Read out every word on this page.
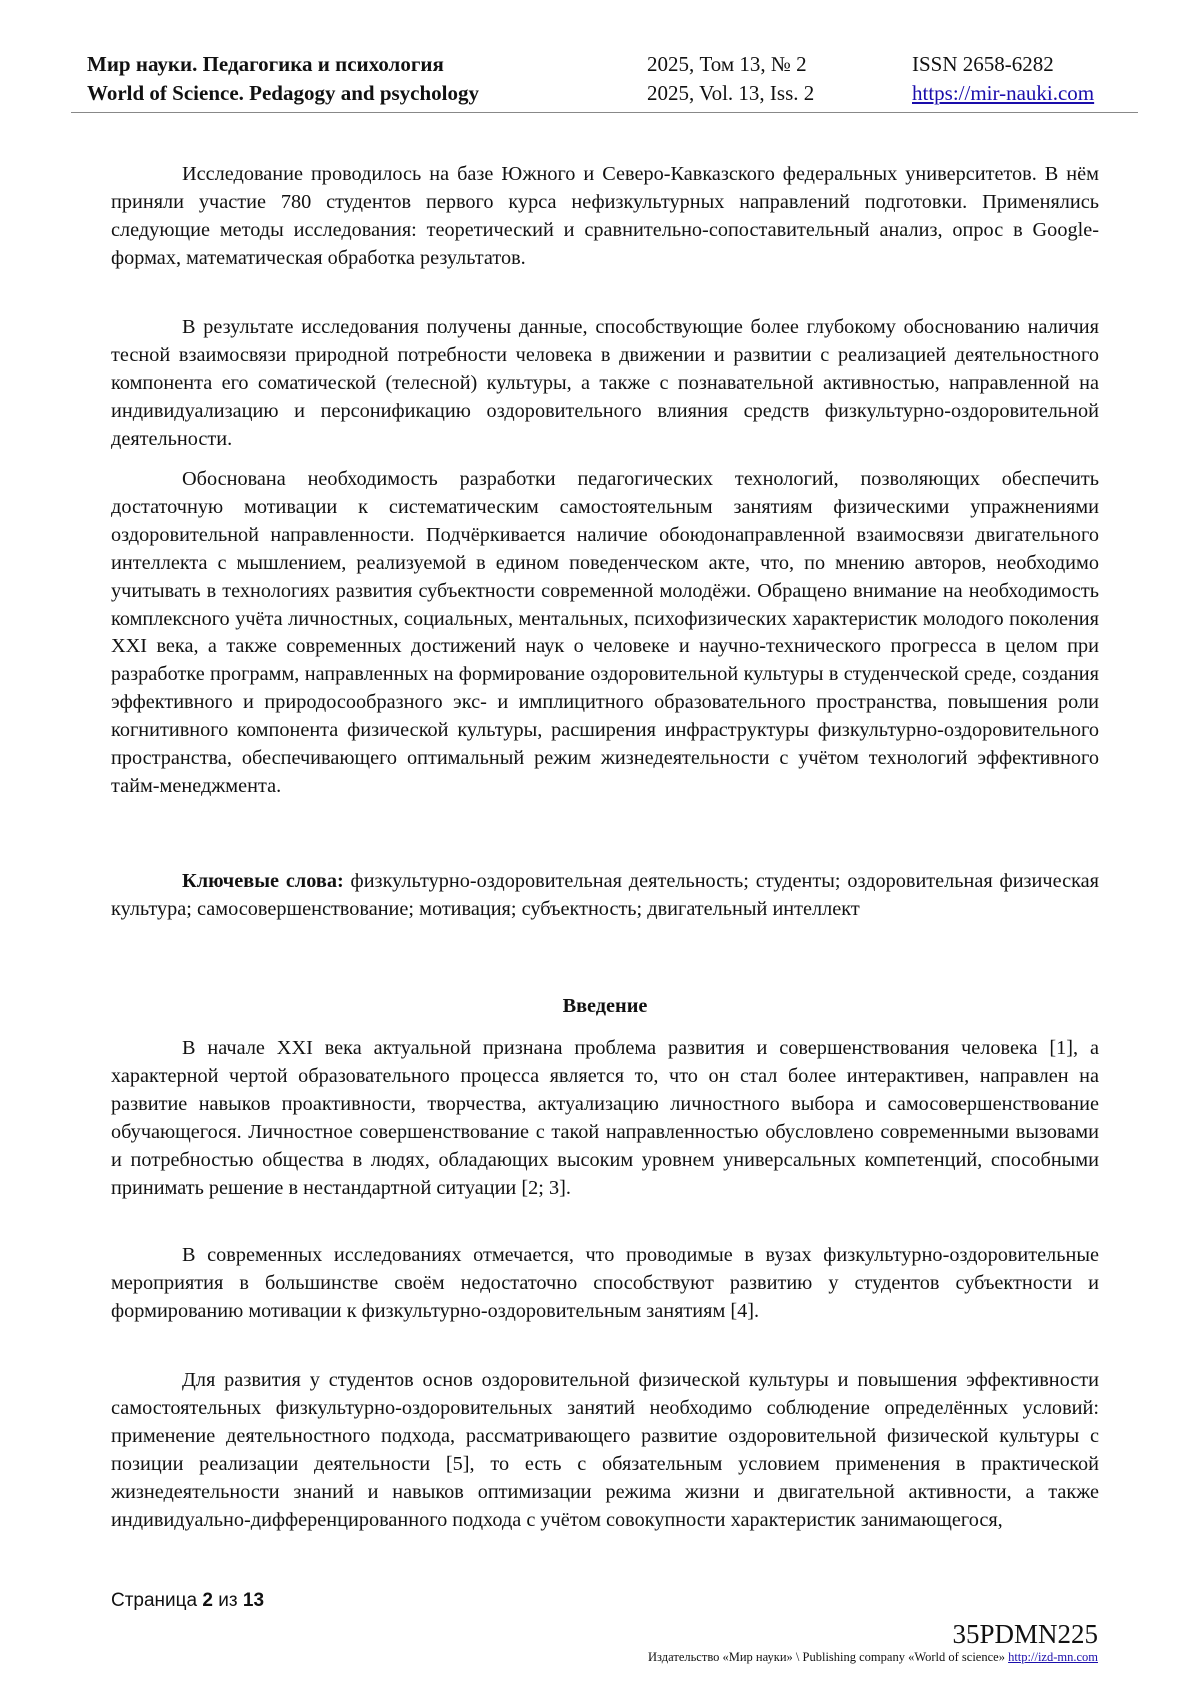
Мир науки. Педагогика и психология
World of Science. Pedagogy and psychology
2025, Том 13, № 2
2025, Vol. 13, Iss. 2
ISSN 2658-6282
https://mir-nauki.com

Исследование проводилось на базе Южного и Северо-Кавказского федеральных университетов. В нём приняли участие 780 студентов первого курса нефизкультурных направлений подготовки. Применялись следующие методы исследования: теоретический и сравнительно-сопоставительный анализ, опрос в Google-формах, математическая обработка результатов.

В результате исследования получены данные, способствующие более глубокому обоснованию наличия тесной взаимосвязи природной потребности человека в движении и развитии с реализацией деятельностного компонента его соматической (телесной) культуры, а также с познавательной активностью, направленной на индивидуализацию и персонификацию оздоровительного влияния средств физкультурно-оздоровительной деятельности.

Обоснована необходимость разработки педагогических технологий, позволяющих обеспечить достаточную мотивации к систематическим самостоятельным занятиям физическими упражнениями оздоровительной направленности. Подчёркивается наличие обоюдонаправленной взаимосвязи двигательного интеллекта с мышлением, реализуемой в едином поведенческом акте, что, по мнению авторов, необходимо учитывать в технологиях развития субъектности современной молодёжи. Обращено внимание на необходимость комплексного учёта личностных, социальных, ментальных, психофизических характеристик молодого поколения XXI века, а также современных достижений наук о человеке и научно-технического прогресса в целом при разработке программ, направленных на формирование оздоровительной культуры в студенческой среде, создания эффективного и природосообразного экс- и имплицитного образовательного пространства, повышения роли когнитивного компонента физической культуры, расширения инфраструктуры физкультурно-оздоровительного пространства, обеспечивающего оптимальный режим жизнедеятельности с учётом технологий эффективного тайм-менеджмента.

Ключевые слова: физкультурно-оздоровительная деятельность; студенты; оздоровительная физическая культура; самосовершенствование; мотивация; субъектность; двигательный интеллект

Введение

В начале XXI века актуальной признана проблема развития и совершенствования человека [1], а характерной чертой образовательного процесса является то, что он стал более интерактивен, направлен на развитие навыков проактивности, творчества, актуализацию личностного выбора и самосовершенствование обучающегося. Личностное совершенствование с такой направленностью обусловлено современными вызовами и потребностью общества в людях, обладающих высоким уровнем универсальных компетенций, способными принимать решение в нестандартной ситуации [2; 3].

В современных исследованиях отмечается, что проводимые в вузах физкультурно-оздоровительные мероприятия в большинстве своём недостаточно способствуют развитию у студентов субъектности и формированию мотивации к физкультурно-оздоровительным занятиям [4].

Для развития у студентов основ оздоровительной физической культуры и повышения эффективности самостоятельных физкультурно-оздоровительных занятий необходимо соблюдение определённых условий: применение деятельностного подхода, рассматривающего развитие оздоровительной физической культуры с позиции реализации деятельности [5], то есть с обязательным условием применения в практической жизнедеятельности знаний и навыков оптимизации режима жизни и двигательной активности, а также индивидуально-дифференцированного подхода с учётом совокупности характеристик занимающегося,

Страница 2 из 13
35PDMN225
Издательство «Мир науки» \ Publishing company «World of science» http://izd-mn.com
